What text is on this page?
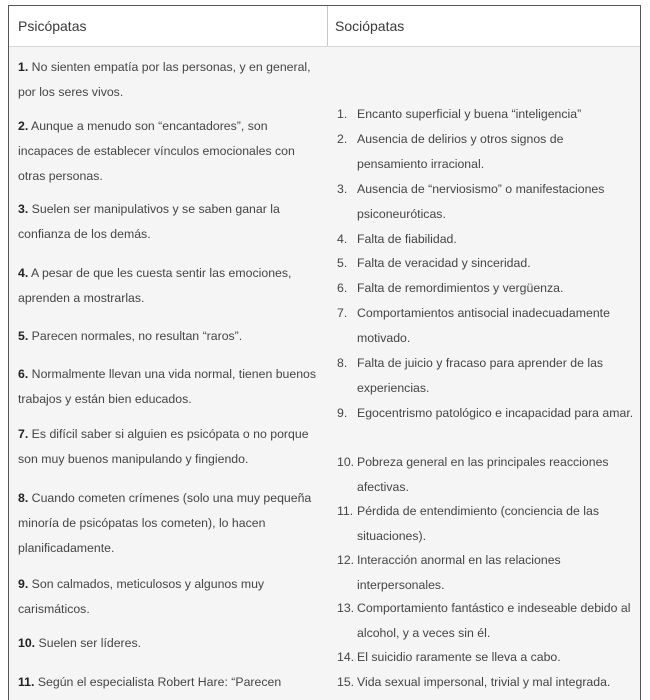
Psicópatas	Sociópatas
1. No sienten empatía por las personas, y en general, por los seres vivos.
2. Aunque a menudo son “encantadores”, son incapaces de establecer vínculos emocionales con otras personas.
3. Suelen ser manipulativos y se saben ganar la confianza de los demás.
4. A pesar de que les cuesta sentir las emociones, aprenden a mostrarlas.
5. Parecen normales, no resultan “raros”.
6. Normalmente llevan una vida normal, tienen buenos trabajos y están bien educados.
7. Es difícil saber si alguien es psicópata o no porque son muy buenos manipulando y fingiendo.
8. Cuando cometen crímenes (solo una muy pequeña minoría de psicópatas los cometen), lo hacen planificadamente.
9. Son calmados, meticulosos y algunos muy carismáticos.
10. Suelen ser líderes.
11. Según el especialista Robert Hare: “Parecen
1. Encanto superficial y buena “inteligencia”
2. Ausencia de delirios y otros signos de pensamiento irracional.
3. Ausencia de “nerviosismo” o manifestaciones psiconeuróticas.
4. Falta de fiabilidad.
5. Falta de veracidad y sinceridad.
6. Falta de remordimientos y vergüenza.
7. Comportamientos antisocial inadecuadamente motivado.
8. Falta de juicio y fracaso para aprender de las experiencias.
9. Egocentrismo patológico e incapacidad para amar.
10. Pobreza general en las principales reacciones afectivas.
11. Pérdida de entendimiento (conciencia de las situaciones).
12. Interacción anormal en las relaciones interpersonales.
13. Comportamiento fantástico e indeseable debido al alcohol, y a veces sin él.
14. El suicidio raramente se lleva a cabo.
15. Vida sexual impersonal, trivial y mal integrada.
